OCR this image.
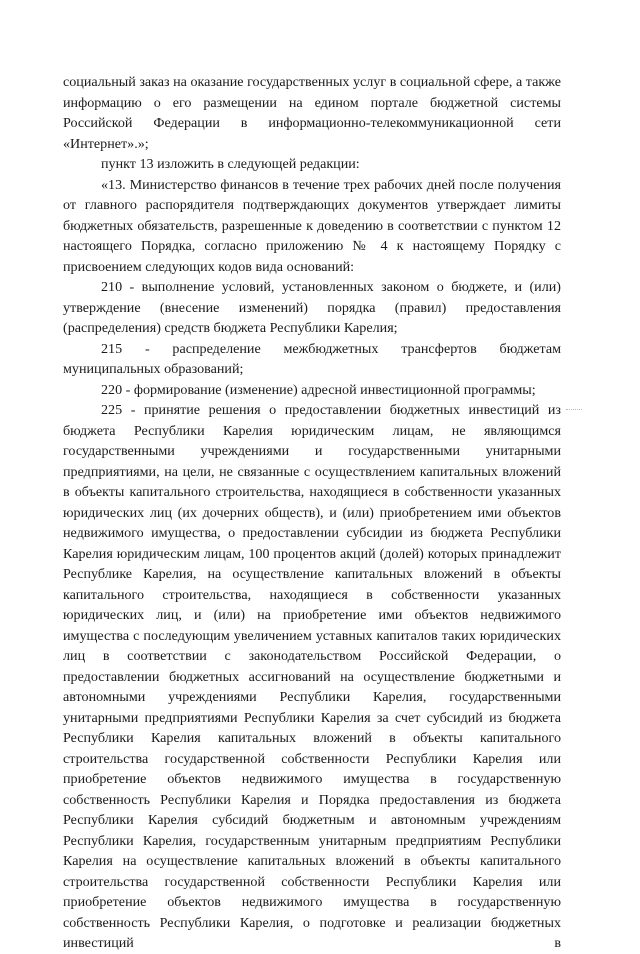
социальный заказ на оказание государственных услуг в социальной сфере, а также информацию о его размещении на едином портале бюджетной системы Российской Федерации в информационно-телекоммуникационной сети «Интернет».»;

пункт 13 изложить в следующей редакции:

«13. Министерство финансов в течение трех рабочих дней после получения от главного распорядителя подтверждающих документов утверждает лимиты бюджетных обязательств, разрешенные к доведению в соответствии с пунктом 12 настоящего Порядка, согласно приложению № 4 к настоящему Порядку с присвоением следующих кодов вида оснований:

210 - выполнение условий, установленных законом о бюджете, и (или) утверждение (внесение изменений) порядка (правил) предоставления (распределения) средств бюджета Республики Карелия;

215 - распределение межбюджетных трансфертов бюджетам муниципальных образований;

220 - формирование (изменение) адресной инвестиционной программы;

225 - принятие решения о предоставлении бюджетных инвестиций из бюджета Республики Карелия юридическим лицам, не являющимся государственными учреждениями и государственными унитарными предприятиями, на цели, не связанные с осуществлением капитальных вложений в объекты капитального строительства, находящиеся в собственности указанных юридических лиц (их дочерних обществ), и (или) приобретением ими объектов недвижимого имущества, о предоставлении субсидии из бюджета Республики Карелия юридическим лицам, 100 процентов акций (долей) которых принадлежит Республике Карелия, на осуществление капитальных вложений в объекты капитального строительства, находящиеся в собственности указанных юридических лиц, и (или) на приобретение ими объектов недвижимого имущества с последующим увеличением уставных капиталов таких юридических лиц в соответствии с законодательством Российской Федерации, о предоставлении бюджетных ассигнований на осуществление бюджетными и автономными учреждениями Республики Карелия, государственными унитарными предприятиями Республики Карелия за счет субсидий из бюджета Республики Карелия капитальных вложений в объекты капитального строительства государственной собственности Республики Карелия или приобретение объектов недвижимого имущества в государственную собственность Республики Карелия и Порядка предоставления из бюджета Республики Карелия субсидий бюджетным и автономным учреждениям Республики Карелия, государственным унитарным предприятиям Республики Карелия на осуществление капитальных вложений в объекты капитального строительства государственной собственности Республики Карелия или приобретение объектов недвижимого имущества в государственную собственность Республики Карелия, о подготовке и реализации бюджетных инвестиций в
